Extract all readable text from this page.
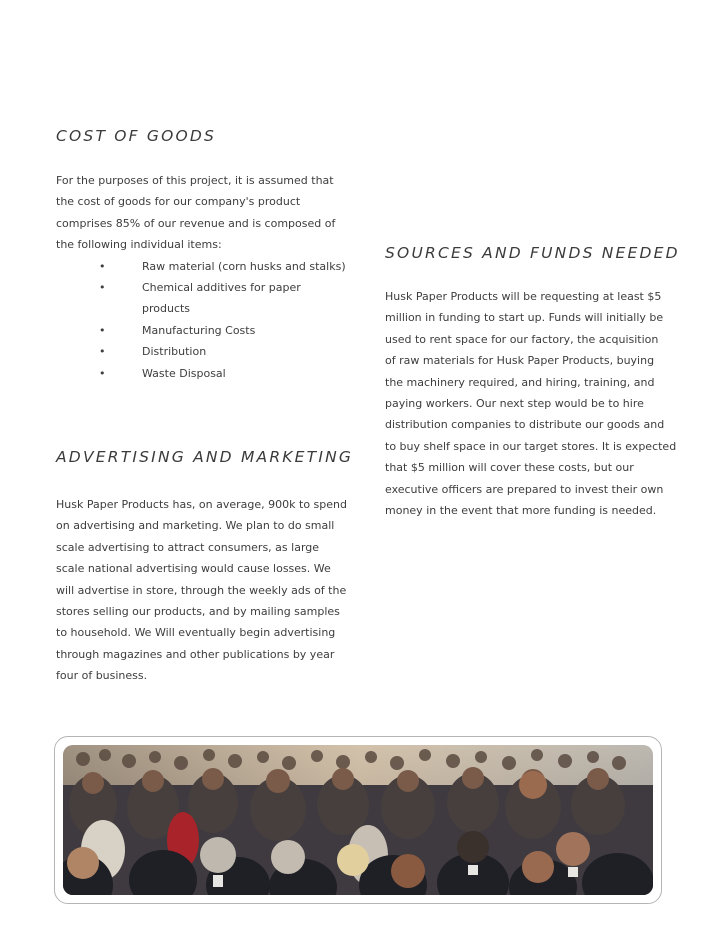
COST OF GOODS

For the purposes of this project, it is assumed that

the cost of goods for our company's product

comprises 85% of our revenue and is composed of

the following individual items:

•	Raw material (corn husks and stalks)
•	Chemical additives for paper
products
•	Manufacturing Costs
•	Distribution
•	Waste Disposal
ADVERTISING AND MARKETING

Husk Paper Products has, on average, 900k to spend

on advertising and marketing. We plan to do small

scale advertising to attract consumers, as large

scale national advertising would cause losses. We

will advertise in store, through the weekly ads of the

stores selling our products, and by mailing samples

to household. We Will eventually begin advertising

through magazines and other publications by year

four of business.

SOURCES AND FUNDS NEEDED

Husk Paper Products will be requesting at least $5

million in funding to start up. Funds will initially be

used to rent space for our factory, the acquisition

of raw materials for Husk Paper Products, buying

the machinery required, and hiring, training, and

paying workers. Our next step would be to hire

distribution companies to distribute our goods and

to buy shelf space in our target stores. It is expected

that $5 million will cover these costs, but our

executive officers are prepared to invest their own

money in the event that more funding is needed.
